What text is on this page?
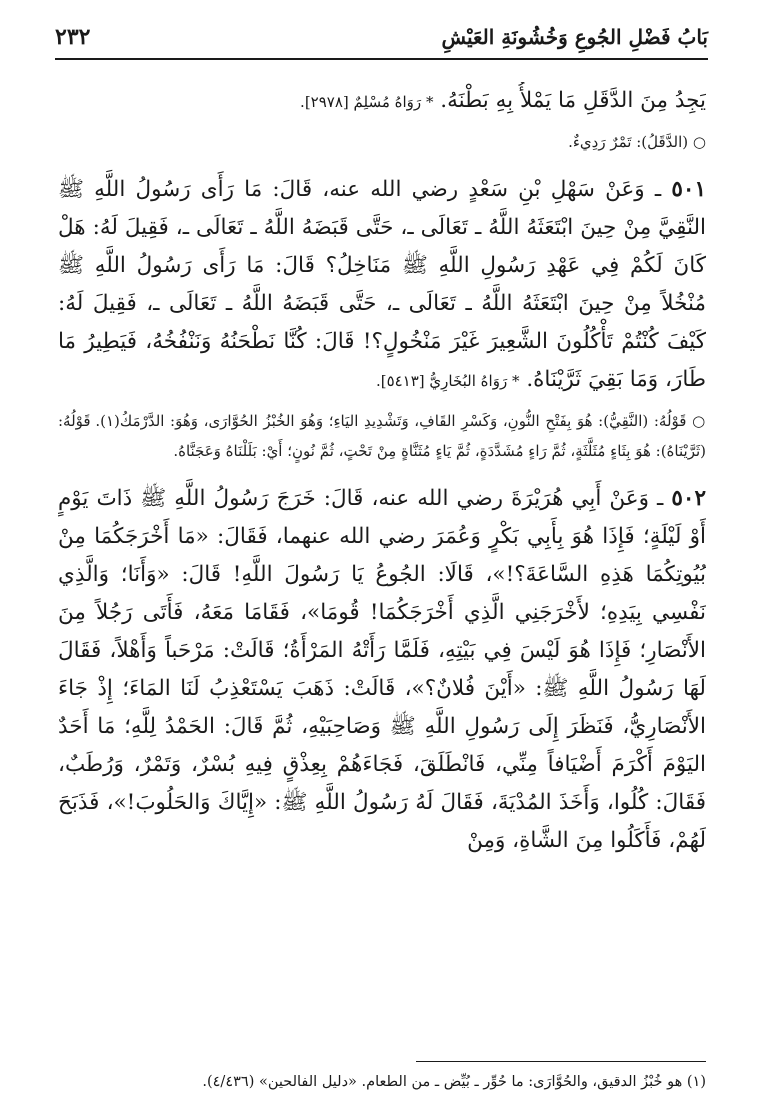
بَابُ فَضْلِ الجُوعِ وَخُشُونَةِ العَيْشِ
٢٣٢

يَجِدُ مِنَ الدَّقَلِ مَا يَمْلأُ بِهِ بَطْنَهُ. * رَوَاهُ مُسْلِمٌ [٢٩٧٨].

○ (الدَّقَلُ): تَمْرٌ رَدِيءٌ.

٥٠١ ـ وَعَنْ سَهْلِ بْنِ سَعْدٍ رضي الله عنه، قَالَ: مَا رَأَى رَسُولُ اللَّهِ ﷺ النَّقِيَّ مِنْ حِينَ ابْتَعَثَهُ اللَّهُ ـ تَعَالَى ـ، حَتَّى قَبَضَهُ اللَّهُ ـ تَعَالَى ـ، فَقِيلَ لَهُ: هَلْ كَانَ لَكُمْ فِي عَهْدِ رَسُولِ اللَّهِ ﷺ مَنَاخِلُ؟ قَالَ: مَا رَأَى رَسُولُ اللَّهِ ﷺ مُنْخُلاً مِنْ حِينَ ابْتَعَثَهُ اللَّهُ ـ تَعَالَى ـ، حَتَّى قَبَضَهُ اللَّهُ ـ تَعَالَى ـ، فَقِيلَ لَهُ: كَيْفَ كُنْتُمْ تَأْكُلُونَ الشَّعِيرَ غَيْرَ مَنْخُولٍ؟! قَالَ: كُنَّا نَطْحَنُهُ وَنَنْفُخُهُ، فَيَطِيرُ مَا طَارَ، وَمَا بَقِيَ ثَرَّيْنَاهُ. * رَوَاهُ البُخَارِيُّ [٥٤١٣].

○ قَوْلُهُ: (النَّقِيُّ): هُوَ بِفَتْحِ النُّونِ، وَكَسْرِ القَافِ، وَتَشْدِيدِ اليَاءِ؛ وَهُوَ الخُبْزُ الحُوَّارَى، وَهُوَ: الدَّرْمَكُ(١). قَوْلُهُ: (ثَرَّيْنَاهُ): هُوَ بِثَاءٍ مُثَلَّثَةٍ، ثُمَّ رَاءٍ مُشَدَّدَةٍ، ثُمَّ يَاءٍ مُثَنَّاةٍ مِنْ تَحْتٍ، ثُمَّ نُونٍ؛ أَيْ: بَلَلْنَاهُ وَعَجَنَّاهُ.

٥٠٢ ـ وَعَنْ أَبِي هُرَيْرَةَ رضي الله عنه، قَالَ: خَرَجَ رَسُولُ اللَّهِ ﷺ ذَاتَ يَوْمٍ أَوْ لَيْلَةٍ؛ فَإِذَا هُوَ بِأَبِي بَكْرٍ وَعُمَرَ رضي الله عنهما، فَقَالَ: «مَا أَخْرَجَكُمَا مِنْ بُيُوتِكُمَا هَذِهِ السَّاعَةَ؟!»، قَالَا: الجُوعُ يَا رَسُولَ اللَّهِ! قَالَ: «وَأَنَا؛ وَالَّذِي نَفْسِي بِيَدِهِ؛ لأَخْرَجَنِي الَّذِي أَخْرَجَكُمَا! قُومَا»، فَقَامَا مَعَهُ، فَأَتَى رَجُلاً مِنَ الأَنْصَارِ؛ فَإِذَا هُوَ لَيْسَ فِي بَيْتِهِ، فَلَمَّا رَأَتْهُ المَرْأَةُ؛ قَالَتْ: مَرْحَباً وَأَهْلاً، فَقَالَ لَهَا رَسُولُ اللَّهِ ﷺ: «أَيْنَ فُلانٌ؟»، قَالَتْ: ذَهَبَ يَسْتَعْذِبُ لَنَا المَاءَ؛ إِذْ جَاءَ الأَنْصَارِيُّ، فَنَظَرَ إِلَى رَسُولِ اللَّهِ ﷺ وَصَاحِبَيْهِ، ثُمَّ قَالَ: الحَمْدُ لِلَّهِ؛ مَا أَحَدٌ اليَوْمَ أَكْرَمَ أَضْيَافاً مِنِّي، فَانْطَلَقَ، فَجَاءَهُمْ بِعِذْقٍ فِيهِ بُسْرٌ، وَتَمْرٌ، وَرُطَبٌ، فَقَالَ: كُلُوا، وَأَخَذَ المُدْيَةَ، فَقَالَ لَهُ رَسُولُ اللَّهِ ﷺ: «إِيَّاكَ وَالحَلُوبَ!»، فَذَبَحَ لَهُمْ، فَأَكَلُوا مِنَ الشَّاةِ، وَمِنْ

(١) هو خُبْزُ الدقيق، والحُوَّارَى: ما حُوِّر ـ بُيِّض ـ من الطعام. «دليل الفالحين» (٤/٤٣٦).
